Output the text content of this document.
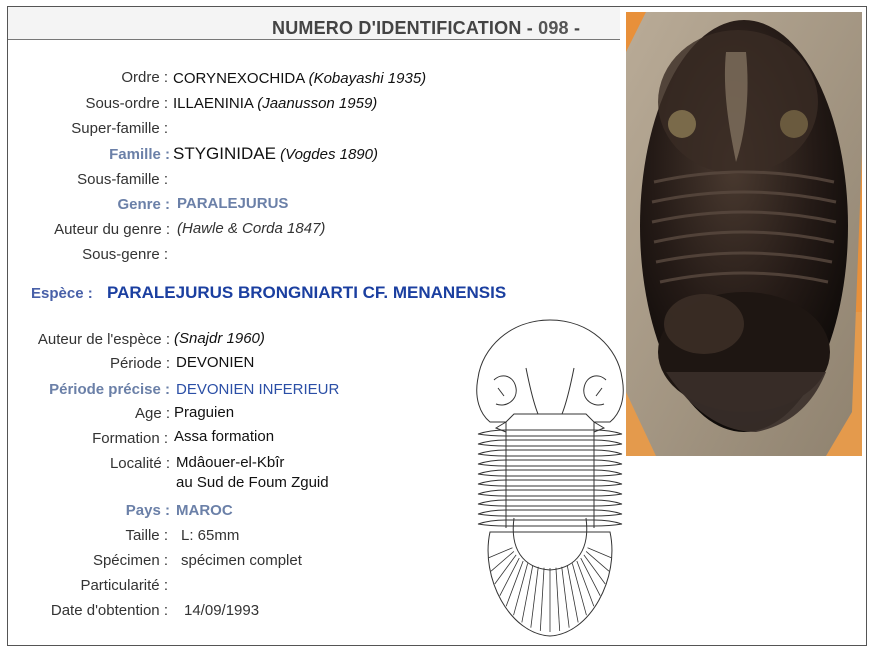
NUMERO D'IDENTIFICATION - 098 -
Ordre : CORYNEXOCHIDA (Kobayashi 1935)
Sous-ordre : ILLAENINIA (Jaanusson 1959)
Super-famille :
Famille : STYGINIDAE (Vogdes 1890)
Sous-famille :
Genre : PARALEJURUS
Auteur du genre : (Hawle & Corda 1847)
Sous-genre :
Espèce : PARALEJURUS BRONGNIARTI CF. MENANENSIS
Auteur de l'espèce : (Snajdr 1960)
Période : DEVONIEN
Période précise : DEVONIEN INFERIEUR
Age : Praguien
Formation : Assa formation
Localité : Mdâouer-el-Kbîr
au Sud de Foum Zguid
Pays : MAROC
Taille : L: 65mm
Spécimen : spécimen complet
Particularité :
Date d'obtention : 14/09/1993
